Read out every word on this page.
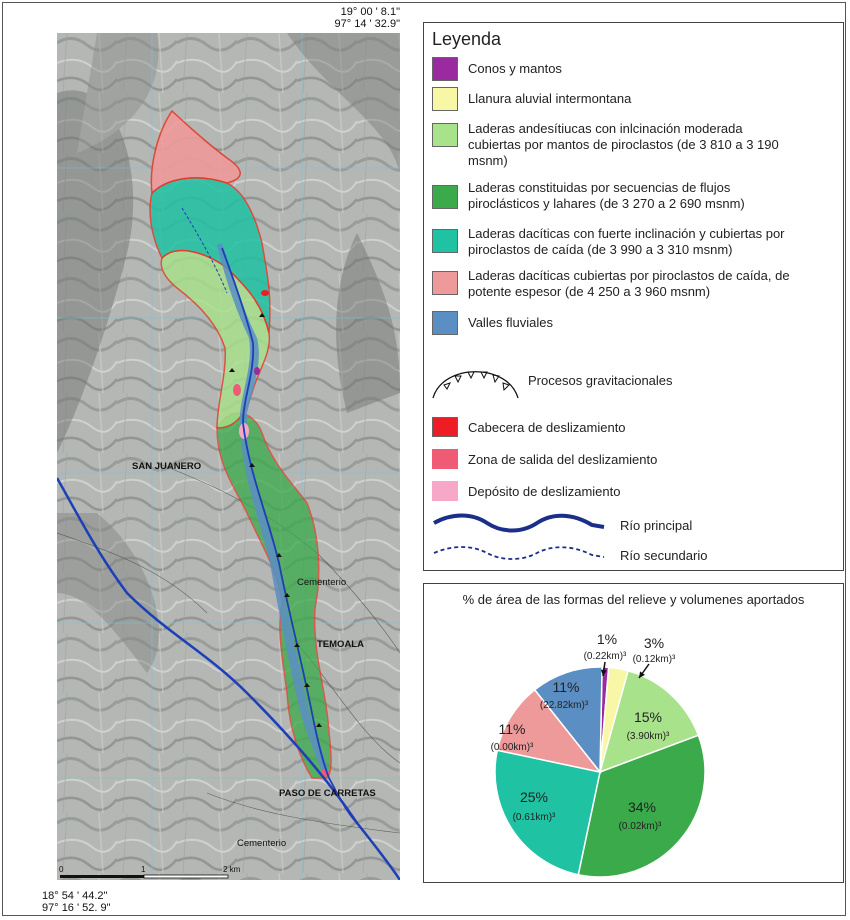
19° 00 ' 8.1"
97° 14 ' 32.9"
18° 54 ' 44.2"
97° 16 ' 52. 9"
SAN JUANERO
Cementerio
TEMOALA
PASO DE CARRETAS
Cementerio
0	1	2 km
Leyenda
Conos y mantos
Llanura aluvial intermontana
Laderas andesítiucas con inlcinación moderada cubiertas por mantos de piroclastos (de 3 810 a 3 190 msnm)
Laderas constituidas por secuencias de flujos piroclásticos y lahares (de 3 270 a 2 690 msnm)
Laderas dacíticas con fuerte inclinación y cubiertas por piroclastos de caída (de 3 990 a 3 310 msnm)
Laderas dacíticas cubiertas por piroclastos de caída, de potente espesor (de 4 250 a 3 960 msnm)
Valles fluviales
Procesos gravitacionales
Cabecera de deslizamiento
Zona de salida del deslizamiento
Depósito de deslizamiento
Río principal
Río secundario
% de área de las formas del relieve y volumenes aportados
1%
(0.22km)³
3%
(0.12km)³
15%
(3.90km)³
34%
(0.02km)³
25%
(0.61km)³
11%
(0.00km)³
11%
(22.82km)³
